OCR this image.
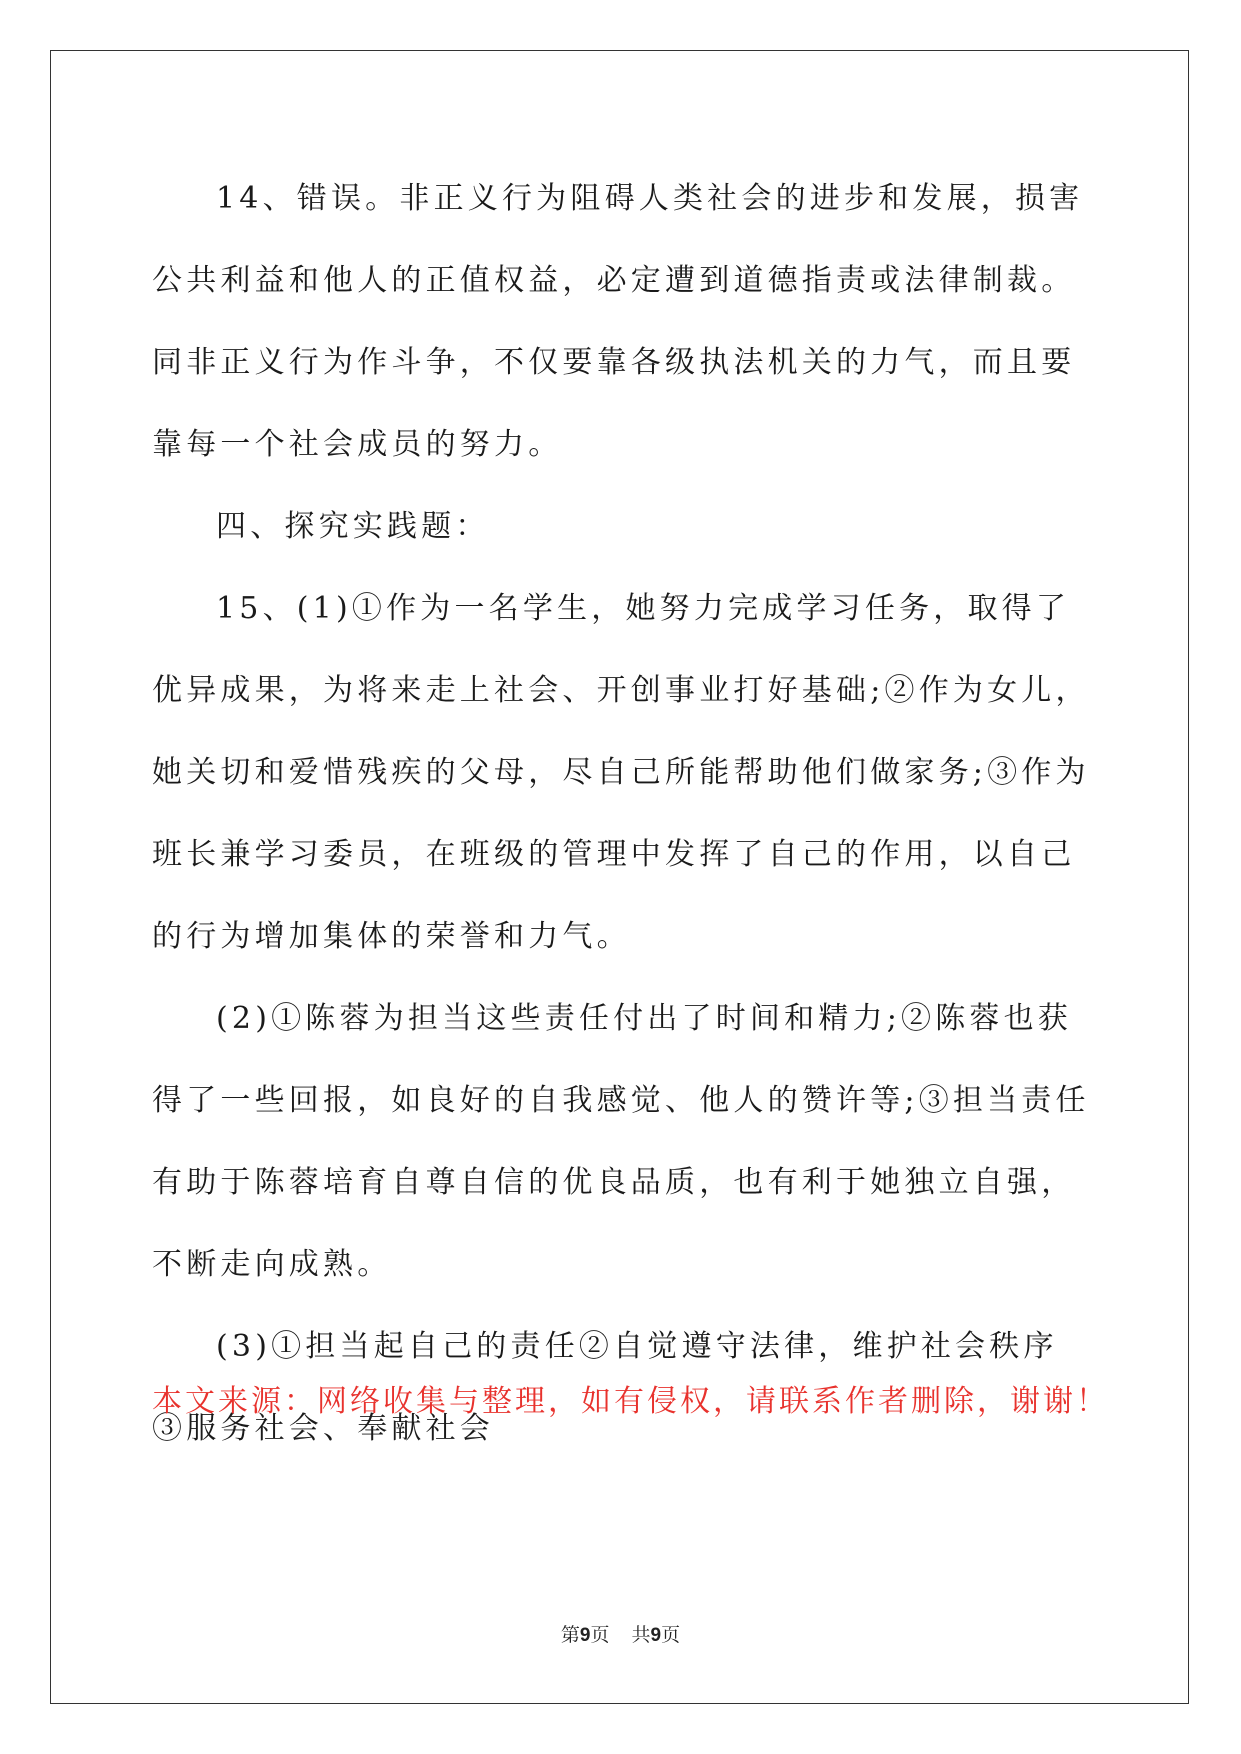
14、错误。非正义行为阻碍人类社会的进步和发展，损害公共利益和他人的正值权益，必定遭到道德指责或法律制裁。同非正义行为作斗争，不仅要靠各级执法机关的力气，而且要靠每一个社会成员的努力。

四、探究实践题：

15、(1)①作为一名学生，她努力完成学习任务，取得了优异成果，为将来走上社会、开创事业打好基础;②作为女儿，她关切和爱惜残疾的父母，尽自己所能帮助他们做家务;③作为班长兼学习委员，在班级的管理中发挥了自己的作用，以自己的行为增加集体的荣誉和力气。

(2)①陈蓉为担当这些责任付出了时间和精力;②陈蓉也获得了一些回报，如良好的自我感觉、他人的赞许等;③担当责任有助于陈蓉培育自尊自信的优良品质，也有利于她独立自强，不断走向成熟。

(3)①担当起自己的责任②自觉遵守法律，维护社会秩序③服务社会、奉献社会

本文来源：网络收集与整理，如有侵权，请联系作者删除，谢谢！

第9页 共9页
